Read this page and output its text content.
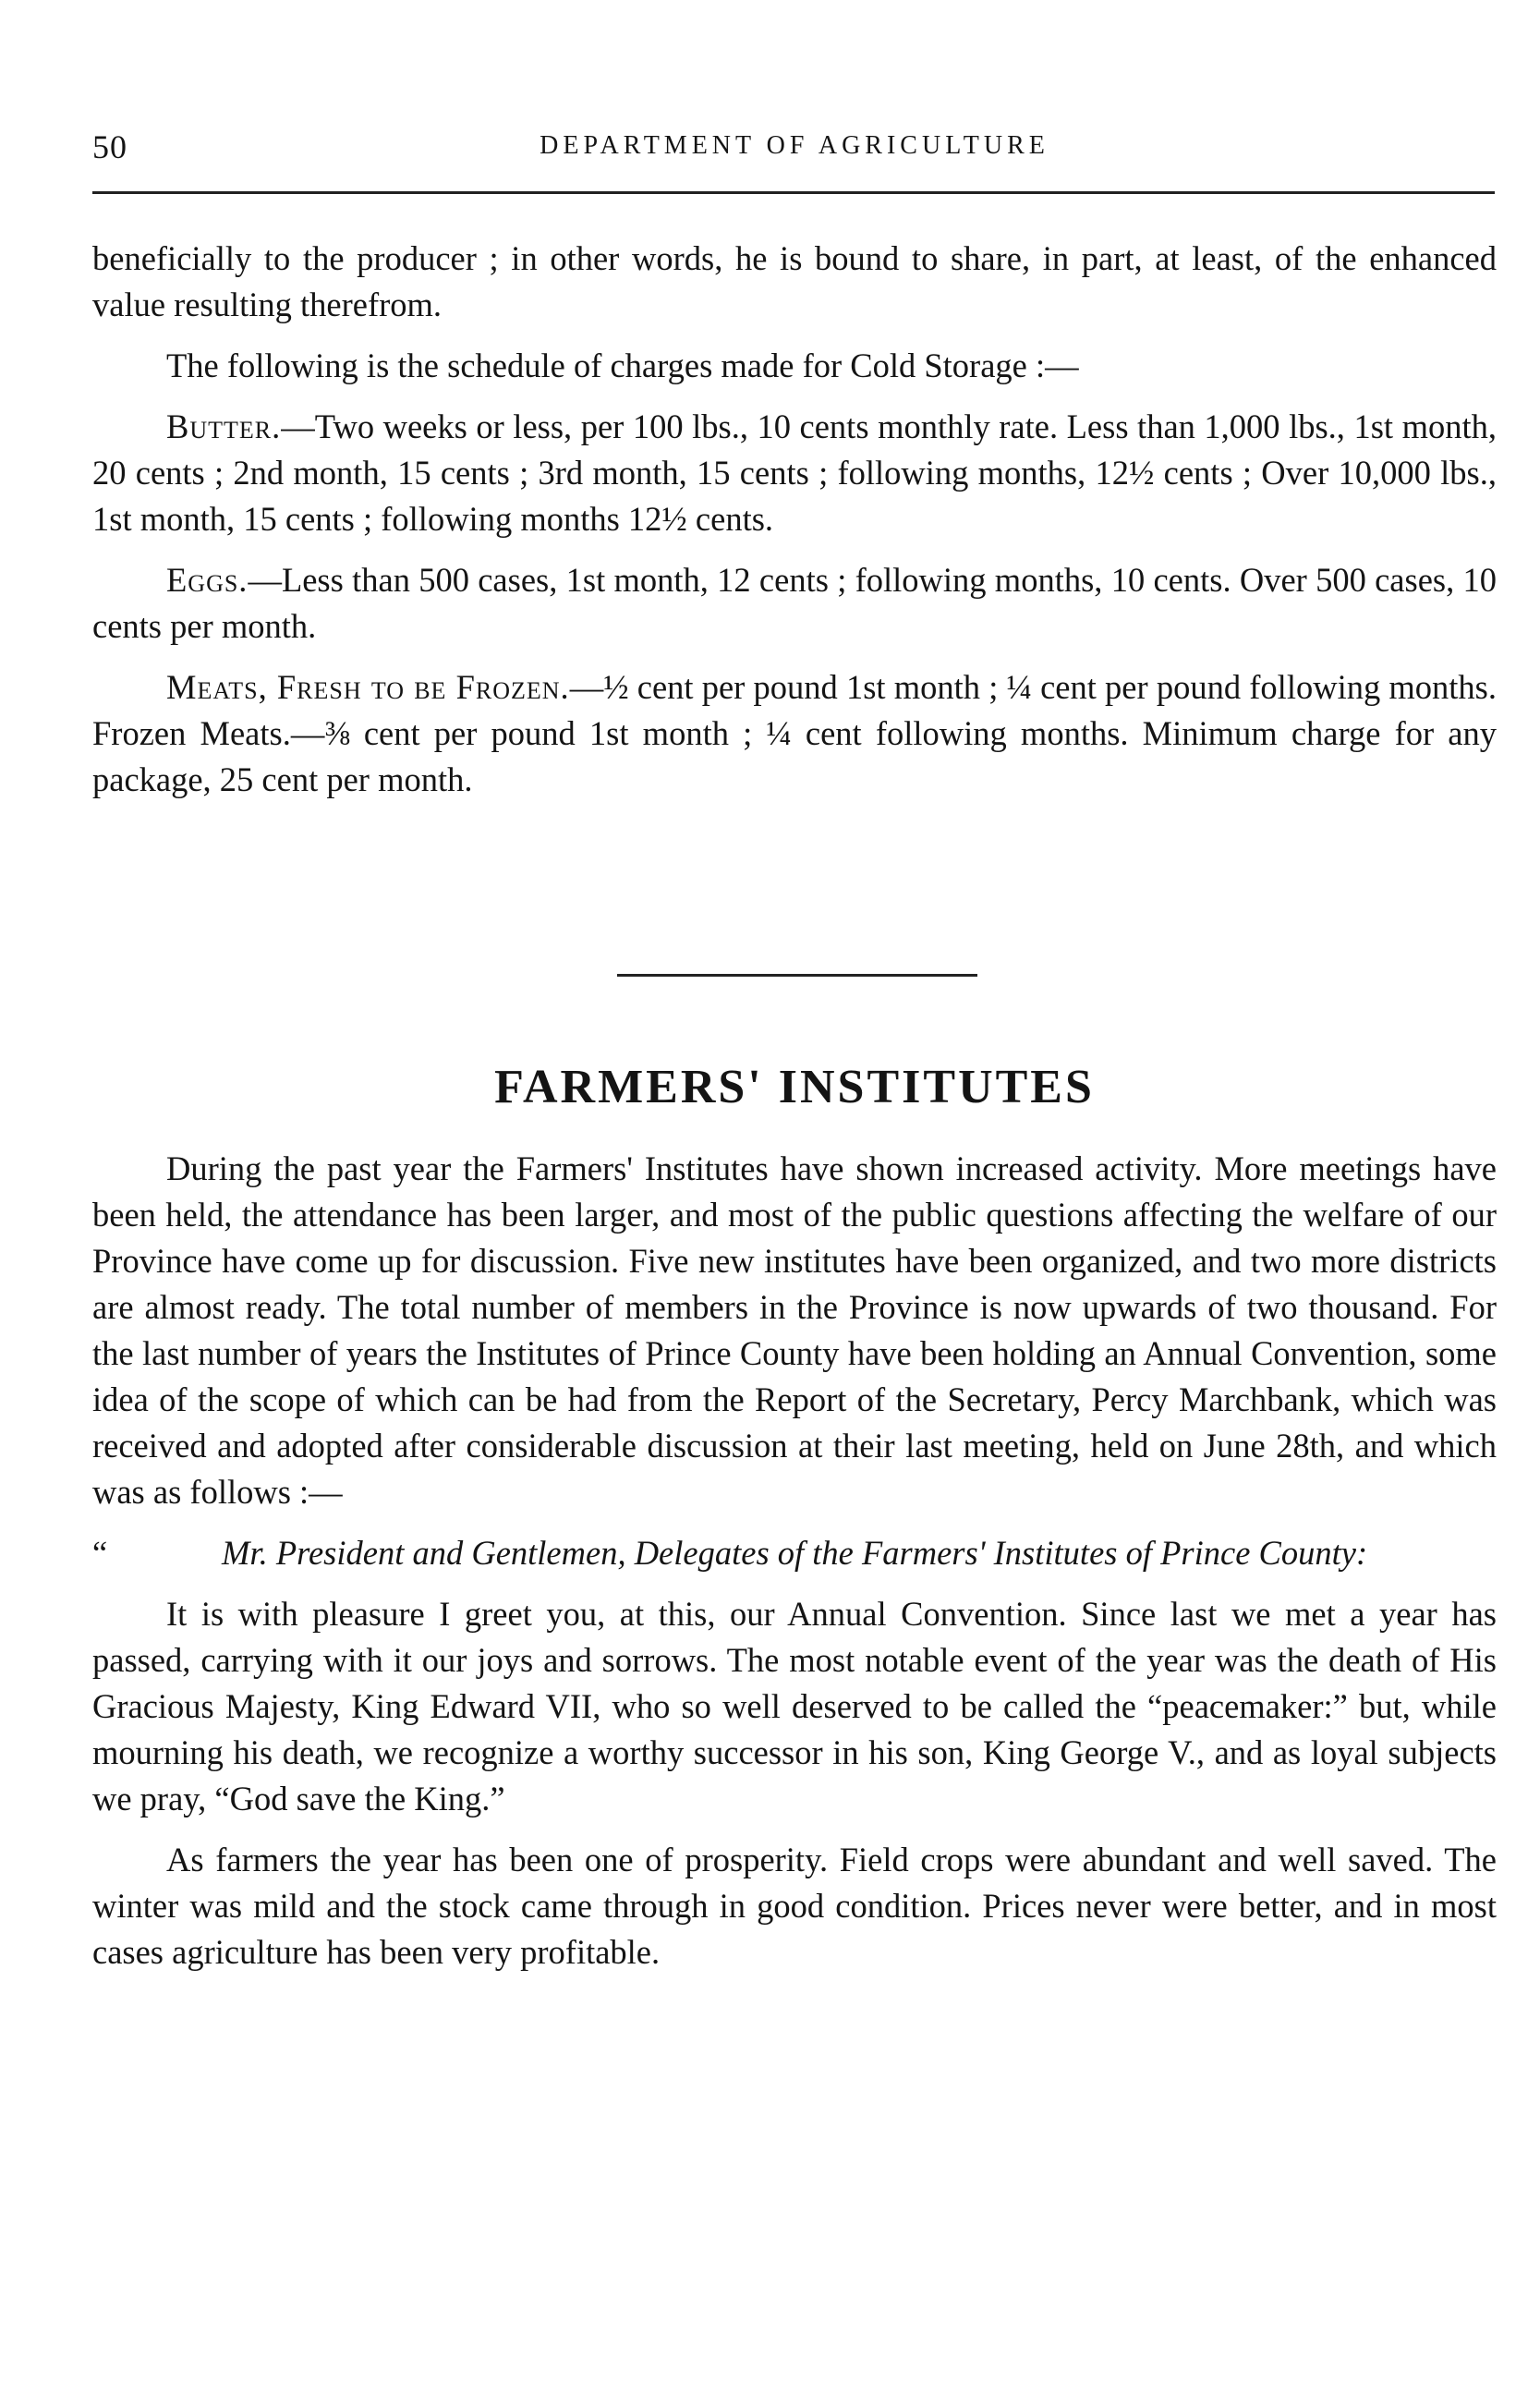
50	DEPARTMENT OF AGRICULTURE

beneficially to the producer ; in other words, he is bound to share, in part, at least, of the enhanced value resulting therefrom.

The following is the schedule of charges made for Cold Storage :—

Butter.—Two weeks or less, per 100 lbs., 10 cents monthly rate. Less than 1,000 lbs., 1st month, 20 cents ; 2nd month, 15 cents ; 3rd month, 15 cents ; following months, 12½ cents ; Over 10,000 lbs., 1st month, 15 cents ; following months 12½ cents.

Eggs.—Less than 500 cases, 1st month, 12 cents ; following months, 10 cents. Over 500 cases, 10 cents per month.

Meats, Fresh to be Frozen.—½ cent per pound 1st month ; ¼ cent per pound following months. Frozen Meats.—⅜ cent per pound 1st month ; ¼ cent following months. Minimum charge for any package, 25 cent per month.

FARMERS' INSTITUTES

During the past year the Farmers' Institutes have shown increased activity. More meetings have been held, the attendance has been larger, and most of the public questions affecting the welfare of our Province have come up for discussion. Five new institutes have been organized, and two more districts are almost ready. The total number of members in the Province is now upwards of two thousand. For the last number of years the Institutes of Prince County have been holding an Annual Convention, some idea of the scope of which can be had from the Report of the Secretary, Percy Marchbank, which was received and adopted after considerable discussion at their last meeting, held on June 28th, and which was as follows :—

“	Mr. President and Gentlemen, Delegates of the Farmers' Institutes of Prince County:

It is with pleasure I greet you, at this, our Annual Convention. Since last we met a year has passed, carrying with it our joys and sorrows. The most notable event of the year was the death of His Gracious Majesty, King Edward VII, who so well deserved to be called the “peacemaker:” but, while mourning his death, we recognize a worthy successor in his son, King George V., and as loyal subjects we pray, “God save the King.”

As farmers the year has been one of prosperity. Field crops were abundant and well saved. The winter was mild and the stock came through in good condition. Prices never were better, and in most cases agriculture has been very profitable.
